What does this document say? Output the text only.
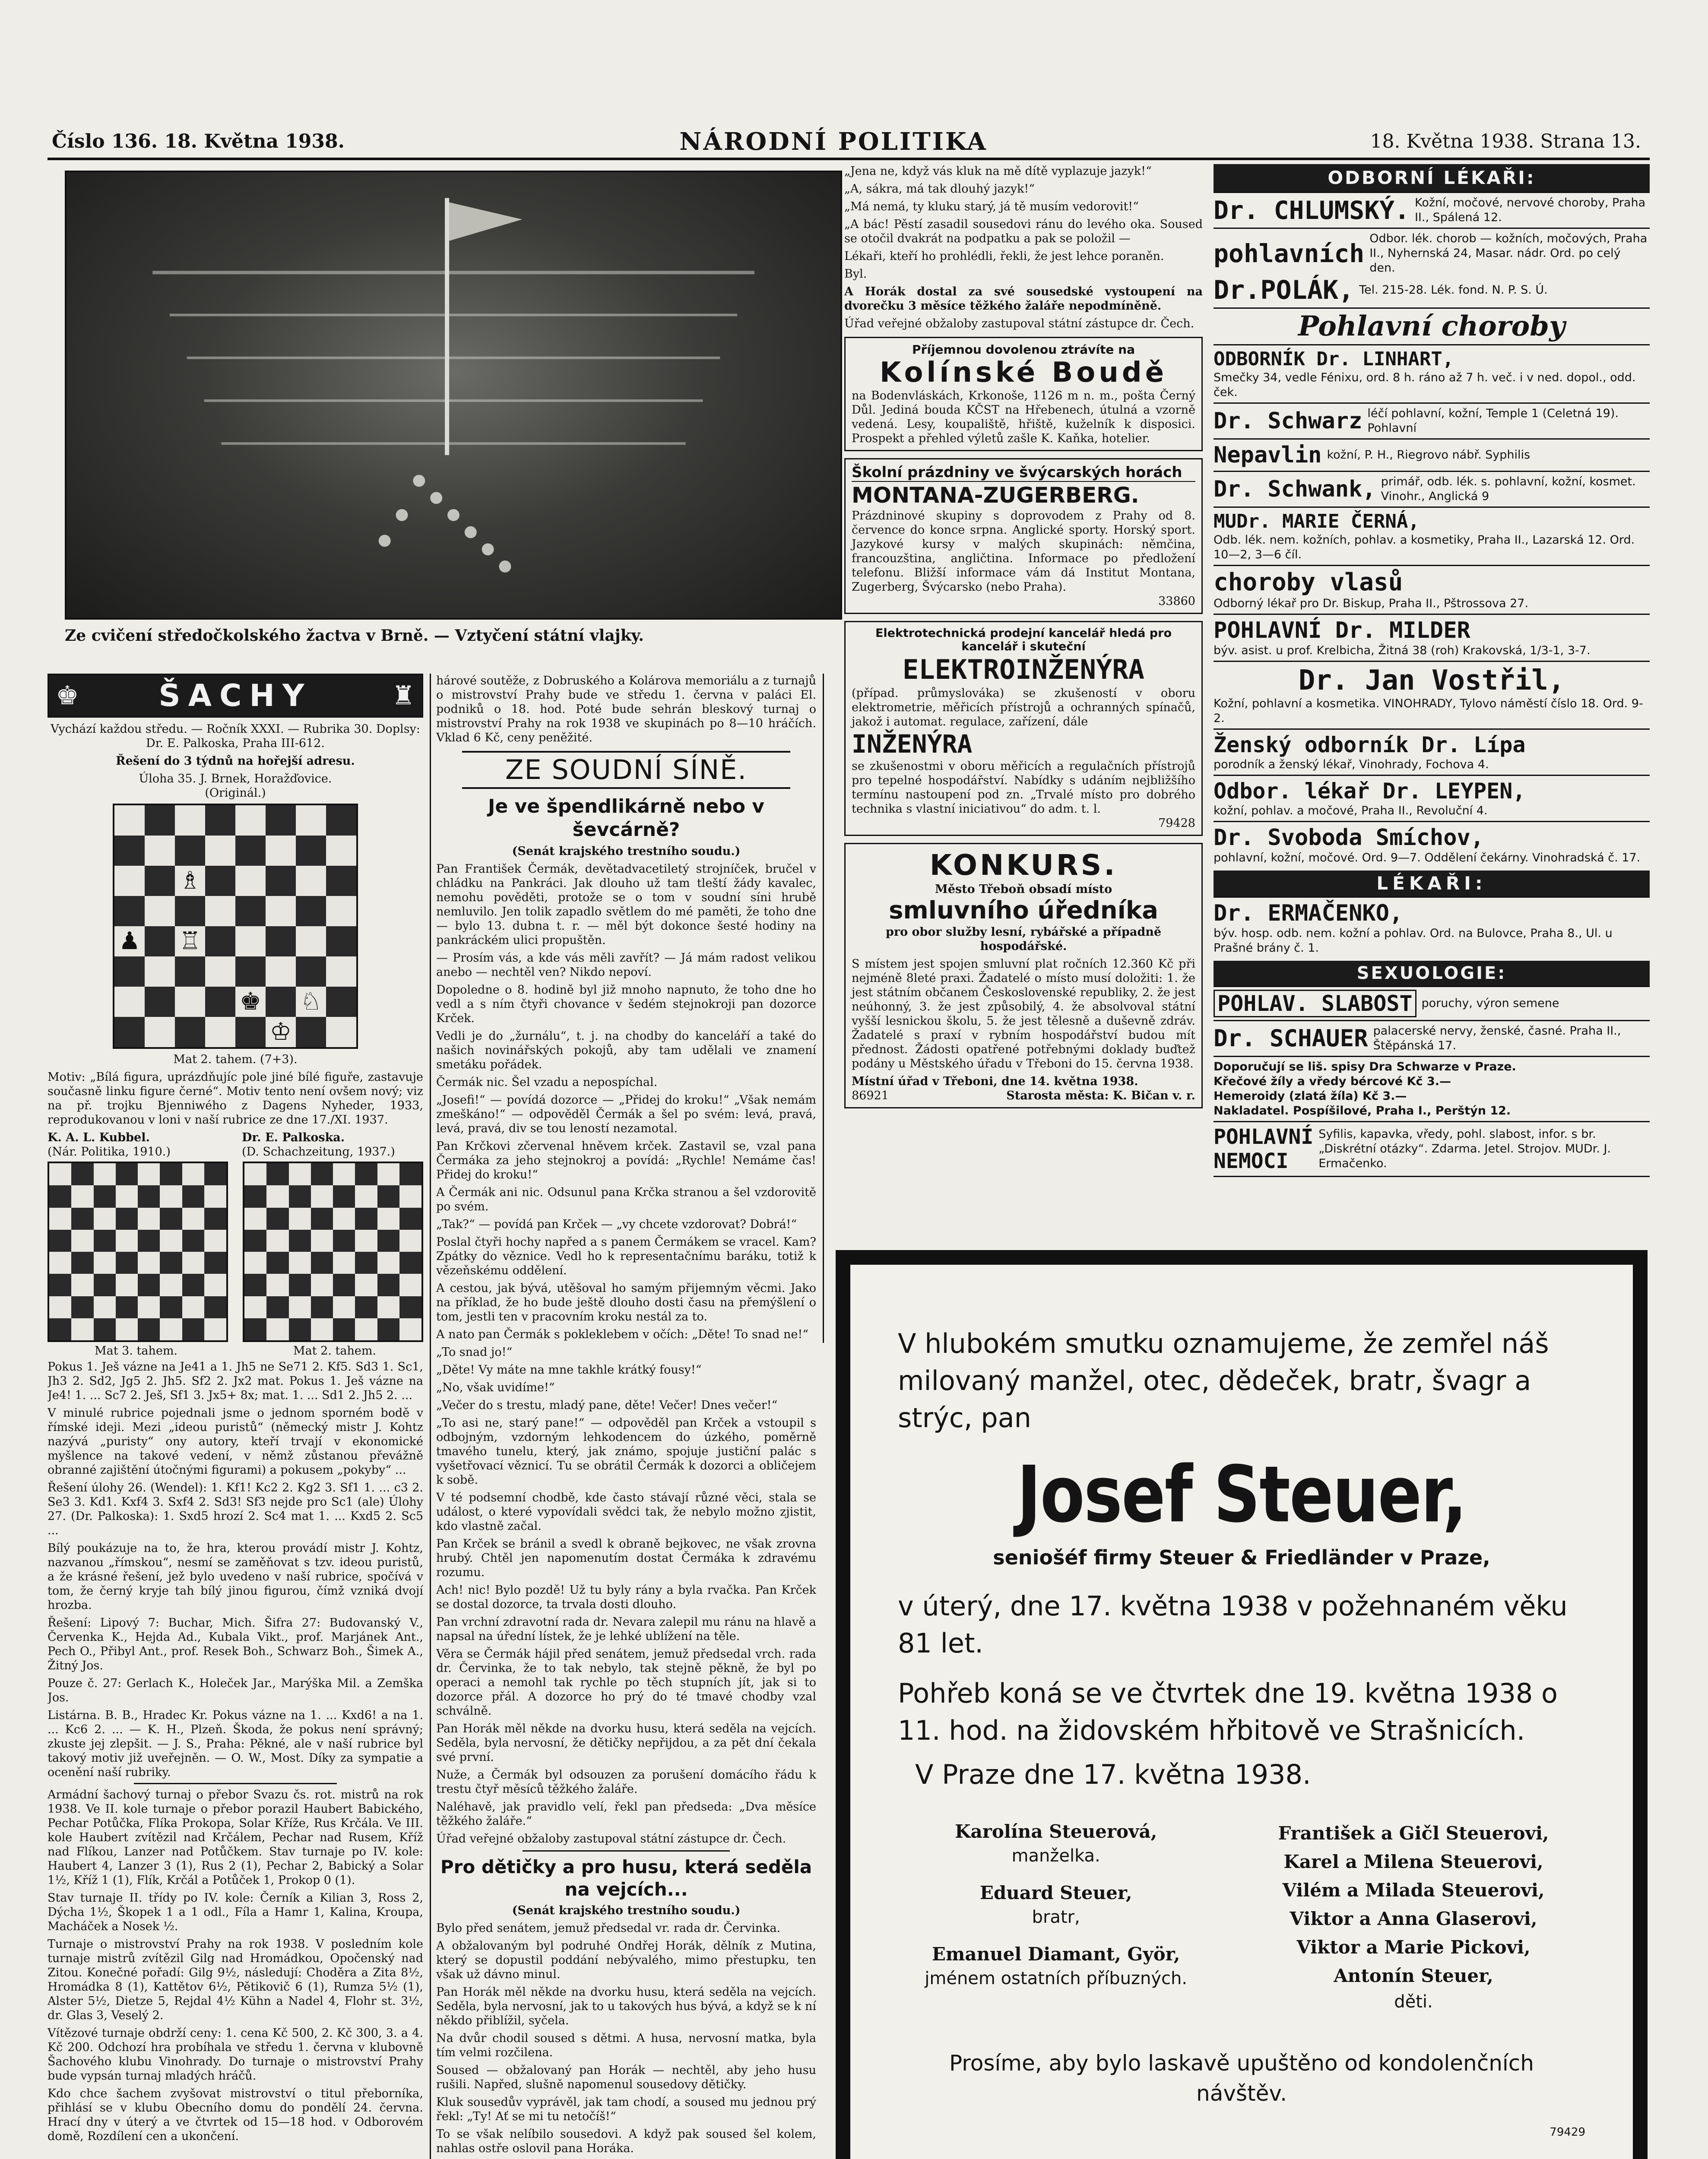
Číslo 136. 18. Května 1938.	NÁRODNÍ POLITIKA	18. Května 1938. Strana 13.
Ze cvičení středočkolského žactva v Brně. — Vztyčení státní vlajky.
♚	ŠACHY	♜

Vychází každou středu. — Ročník XXXI. — Rubrika 30. Doplsy: Dr. E. Palkoska, Praha III-612.

Řešení do 3 týdnů na hořejší adresu.

Úloha 35. J. Brnek, Horažďovice.

(Originál.)

♗
♟ ♖
♚ ♘
♔

Mat 2. tahem. (7+3).

Motiv: „Bílá figura, uprázdňujíc pole jiné bílé figuře, zastavuje současně linku figure černé“. Motiv tento není ovšem nový; viz na př. trojku Bjenniwého z Dagens Nyheder, 1933, reprodukovanou v loni v naší rubrice ze dne 17./XI. 1937.

K. A. L. Kubbel.
(Nár. Politika, 1910.)
Dr. E. Palkoska.
(D. Schachzeitung, 1937.)
Mat 3. tahem.	Mat 2. tahem.

Pokus 1. Ješ vázne na Je41 a 1. Jh5 ne Se71 2. Kf5. Sd3 1. Sc1, Jh3 2. Sd2, Jg5 2. Jh5. Sf2 2. Jx2 mat. Pokus 1. Ješ vázne na Je4! 1. ... Sc7 2. Ješ, Sf1 3. Jx5+ 8x; mat. 1. ... Sd1 2. Jh5 2. ...

V minulé rubrice pojednali jsme o jednom sporném bodě v římské ideji. Mezi „ideou puristů“ (německý mistr J. Kohtz nazývá „puristy“ ony autory, kteří trvají v ekonomické myšlence na takové vedení, v němž zůstanou převážně obranné zajištění útočnými figurami) a pokusem „pokyby“ ...

Řešení úlohy 26. (Wendel): 1. Kf1! Kc2 2. Kg2 3. Sf1 1. ... c3 2. Se3 3. Kd1. Kxf4 3. Sxf4 2. Sd3! Sf3 nejde pro Sc1 (ale) Úlohy 27. (Dr. Palkoska): 1. Sxd5 hrozí 2. Sc4 mat 1. ... Kxd5 2. Sc5 ...

Bílý poukázuje na to, že hra, kterou provádí mistr J. Kohtz, nazvanou „římskou“, nesmí se zaměňovat s tzv. ideou puristů, a že krásné řešení, jež bylo uvedeno v naší rubrice, spočívá v tom, že černý kryje tah bílý jinou figurou, čímž vzniká dvojí hrozba.

Řešení: Lipový 7: Buchar, Mich. Šifra 27: Budovanský V., Červenka K., Hejda Ad., Kubala Vikt., prof. Marjánek Ant., Pech O., Přibyl Ant., prof. Resek Boh., Schwarz Boh., Šimek A., Žitný Jos.

Pouze č. 27: Gerlach K., Holeček Jar., Marýška Mil. a Zemška Jos.

Listárna. B. B., Hradec Kr. Pokus vázne na 1. ... Kxd6! a na 1. ... Kc6 2. ... — K. H., Plzeň. Škoda, že pokus není správný; zkuste jej zlepšit. — J. S., Praha: Pěkné, ale v naší rubrice byl takový motiv již uveřejněn. — O. W., Most. Díky za sympatie a ocenění naší rubriky.

Armádní šachový turnaj o přebor Svazu čs. rot. mistrů na rok 1938. Ve II. kole turnaje o přebor porazil Haubert Babického, Pechar Potůčka, Flíka Prokopa, Solar Kříže, Rus Krčála. Ve III. kole Haubert zvítězil nad Krčálem, Pechar nad Rusem, Kříž nad Flíkou, Lanzer nad Potůčkem. Stav turnaje po IV. kole: Haubert 4, Lanzer 3 (1), Rus 2 (1), Pechar 2, Babický a Solar 1½, Kříž 1 (1), Flík, Krčál a Potůček 1, Prokop 0 (1).

Stav turnaje II. třídy po IV. kole: Černík a Kilian 3, Ross 2, Dýcha 1½, Škopek 1 a 1 odl., Fíla a Hamr 1, Kalina, Kroupa, Macháček a Nosek ½.

Turnaje o mistrovství Prahy na rok 1938. V posledním kole turnaje mistrů zvítězil Gilg nad Hromádkou, Opočenský nad Zitou. Konečné pořadí: Gilg 9½, následují: Choděra a Zita 8½, Hromádka 8 (1), Kattětov 6½, Pětikovič 6 (1), Rumza 5½ (1), Alster 5½, Dietze 5, Rejdal 4½ Kühn a Nadel 4, Flohr st. 3½, dr. Glas 3, Veselý 2.

Vítězové turnaje obdrží ceny: 1. cena Kč 500, 2. Kč 300, 3. a 4. Kč 200. Odchozí hra probíhala ve středu 1. června v klubovně Šachového klubu Vinohrady. Do turnaje o mistrovství Prahy bude vypsán turnaj mladých hráčů.

Kdo chce šachem zvyšovat mistrovství o titul přeborníka, přihlásí se v klubu Obecního domu do pondělí 24. června. Hrací dny v úterý a ve čtvrtek od 15—18 hod. v Odborovém domě, Rozdílení cen a ukončení.

hárové soutěže, z Dobruského a Kolárova memoriálu a z turnajů o mistrovství Prahy bude ve středu 1. června v paláci El. podniků o 18. hod. Poté bude sehrán bleskový turnaj o mistrovství Prahy na rok 1938 ve skupinách po 8—10 hráčích. Vklad 6 Kč, ceny peněžité.

ZE SOUDNÍ SÍNĚ.
Je ve špendlikárně nebo v ševcárně?

(Senát krajského trestního soudu.)

Pan František Čermák, devětadvacetiletý strojníček, bručel v chládku na Pankráci. Jak dlouho už tam tleští žády kavalec, nemohu pověděti, protože se o tom v soudní síni hrubě nemluvilo. Jen tolik zapadlo světlem do mé paměti, že toho dne — bylo 13. dubna t. r. — měl být dokonce šesté hodiny na pankráckém ulici propuštěn.

— Prosím vás, a kde vás měli zavřít? — Já mám radost velikou anebo — nechtěl ven? Nikdo nepoví.

Dopoledne o 8. hodině byl již mnoho napnuto, že toho dne ho vedl a s ním čtyři chovance v šedém stejnokroji pan dozorce Krček.

Vedli je do „žurnálu“, t. j. na chodby do kanceláří a také do našich novinářských pokojů, aby tam udělali ve znamení smetáku pořádek.

Čermák nic. Šel vzadu a nepospíchal.

„Josefi!“ — povídá dozorce — „Přidej do kroku!“ „Však nemám zmeškáno!“ — odpověděl Čermák a šel po svém: levá, pravá, levá, pravá, div se tou leností nezamotal.

Pan Krčkovi zčervenal hněvem krček. Zastavil se, vzal pana Čermáka za jeho stejnokroj a povídá: „Rychle! Nemáme čas! Přidej do kroku!“

A Čermák ani nic. Odsunul pana Krčka stranou a šel vzdorovitě po svém.

„Tak?“ — povídá pan Krček — „vy chcete vzdorovat? Dobrá!“

Poslal čtyři hochy napřed a s panem Čermákem se vracel. Kam? Zpátky do věznice. Vedl ho k representačnímu baráku, totiž k vězeňskému oddělení.

A cestou, jak bývá, utěšoval ho samým přijemným věcmi. Jako na příklad, že ho bude ještě dlouho dosti času na přemýšlení o tom, jestli ten v pracovním kroku nestál za to.

A nato pan Čermák s pokleklebem v očích: „Děte! To snad ne!“

„To snad jo!“

„Děte! Vy máte na mne takhle krátký fousy!“

„No, však uvidíme!“

„Večer do s trestu, mladý pane, děte! Večer! Dnes večer!“

„To asi ne, starý pane!“ — odpověděl pan Krček a vstoupil s odbojným, vzdorným lehkodencem do úzkého, poměrně tmavého tunelu, který, jak známo, spojuje justiční palác s vyšetřovací věznicí. Tu se obrátil Čermák k dozorci a obličejem k sobě.

V té podsemní chodbě, kde často stávají různé věci, stala se událost, o které vypovídali svědci tak, že nebylo možno zjistit, kdo vlastně začal.

Pan Krček se bránil a svedl k obraně bejkovec, ne však zrovna hrubý. Chtěl jen napomenutím dostat Čermáka k zdravému rozumu.

Ach! nic! Bylo pozdě! Už tu byly rány a byla rvačka. Pan Krček se dostal dozorce, ta trvala dosti dlouho.

Pan vrchní zdravotní rada dr. Nevara zalepil mu ránu na hlavě a napsal na úřední lístek, že je lehké ublížení na těle.

Věra se Čermák hájil před senátem, jemuž předsedal vrch. rada dr. Červinka, že to tak nebylo, tak stejně pěkně, že byl po operaci a nemohl tak rychle po těch stupních jít, jak si to dozorce přál. A dozorce ho prý do té tmavé chodby vzal schválně.

Pan Horák měl někde na dvorku husu, která seděla na vejcích. Seděla, byla nervosní, že dětičky nepřijdou, a za pět dní čekala své první.

Nuže, a Čermák byl odsouzen za porušení domácího řádu k trestu čtyř měsíců těžkého žaláře.

Naléhavě, jak pravidlo velí, řekl pan předseda: „Dva měsíce těžkého žaláře.“

Úřad veřejné obžaloby zastupoval státní zástupce dr. Čech.

Pro dětičky a pro husu, která seděla na vejcích...

(Senát krajského trestního soudu.)

Bylo před senátem, jemuž předsedal vr. rada dr. Červinka.

A obžalovaným byl podruhé Ondřej Horák, dělník z Mutina, který se dopustil poddání nebývalého, mimo přestupku, ten však už dávno minul.

Pan Horák měl někde na dvorku husu, která seděla na vejcích. Seděla, byla nervosní, jak to u takových hus bývá, a když se k ní někdo přiblížil, syčela.

Na dvůr chodil soused s dětmi. A husa, nervosní matka, byla tím velmi rozčilena.

Soused — obžalovaný pan Horák — nechtěl, aby jeho husu rušili. Napřed, slušně napomenul sousedovy dětičky.

Kluk sousedův vyprávěl, jak tam chodí, a soused mu jednou prý řekl: „Ty! Ať se mi tu netočíš!“

To se však nelíbilo sousedovi. A když pak soused šel kolem, nahlas ostře oslovil pana Horáka.

„Jena ne, když vás kluk na mě dítě vyplazuje jazyk!“

„A, sákra, má tak dlouhý jazyk!“

„Má nemá, ty kluku starý, já tě musím vedorovit!“

„A bác! Pěstí zasadil sousedovi ránu do levého oka. Soused se otočil dvakrát na podpatku a pak se položil —

Lékaři, kteří ho prohlédli, řekli, že jest lehce poraněn.

Byl.

A Horák dostal za své sousedské vystoupení na dvorečku 3 měsíce těžkého žaláře nepodmíněně.

Úřad veřejné obžaloby zastupoval státní zástupce dr. Čech.

Příjemnou dovolenou ztrávíte na
Kolínské Boudě

na Bodenvláskách, Krkonoše, 1126 m n. m., pošta Černý Důl. Jediná bouda KČST na Hřebenech, útulná a vzorně vedená. Lesy, koupaliště, hřiště, kuželník k disposici. Prospekt a přehled výletů zašle K. Kaňka, hotelier.

Školní prázdniny ve švýcarských horách
MONTANA-ZUGERBERG.

Prázdninové skupiny s doprovodem z Prahy od 8. července do konce srpna. Anglické sporty. Horský sport. Jazykové kursy v malých skupinách: němčina, francouzština, angličtina. Informace po předložení telefonu. Bližší informace vám dá Institut Montana, Zugerberg, Švýcarsko (nebo Praha).

33860
Elektrotechnická prodejní kancelář hledá pro kancelář i skuteční
ELEKTROINŽENÝRA

(případ. průmyslováka) se zkušeností v oboru elektrometrie, měřicích přístrojů a ochranných spínačů, jakož i automat. regulace, zařízení, dále

INŽENÝRA

se zkušenostmi v oboru měřicích a regulačních přístrojů pro tepelné hospodářství. Nabídky s udáním nejbližšího termínu nastoupení pod zn. „Trvalé místo pro dobrého technika s vlastní iniciativou“ do adm. t. l.

79428
KONKURS.
Město Třeboň obsadí místo
smluvního úředníka
pro obor služby lesní, rybářské a případně hospodářské.

S místem jest spojen smluvní plat ročních 12.360 Kč při nejméně 8leté praxi. Žadatelé o místo musí doložiti: 1. že jest státním občanem Československé republiky, 2. že jest neúhonný, 3. že jest způsobilý, 4. že absolvoval státní vyšší lesnickou školu, 5. že jest tělesně a duševně zdráv. Žadatelé s praxí v rybním hospodářství budou mít přednost. Žádosti opatřené potřebnými doklady buďtež podány u Městského úřadu v Třeboni do 15. června 1938.

Místní úřad v Třeboni, dne 14. května 1938.
86921	Starosta města: K. Bičan v. r.
ODBORNÍ LÉKAŘI:
Dr. CHLUMSKÝ. Kožní, močové, nervové choroby, Praha II., Spálená 12.
pohlavních
Odbor. lék. chorob — kožních, močových, Praha II., Nyhernská 24, Masar. nádr. Ord. po celý den.
Dr.POLÁK, Tel. 215-28. Lék. fond. N. P. S. Ú.
Pohlavní choroby
ODBORNÍK Dr. LINHART,
Smečky 34, vedle Fénixu, ord. 8 h. ráno až 7 h. več. i v ned. dopol., odd. ček.
Dr. Schwarz léčí pohlavní, kožní, Temple 1 (Celetná 19). Pohlavní
Nepavlin kožní, P. H., Riegrovo nábř. Syphilis
Dr. Schwank, primář, odb. lék. s. pohlavní, kožní, kosmet. Vinohr., Anglická 9
MUDr. MARIE ČERNÁ,
Odb. lék. nem. kožních, pohlav. a kosmetiky, Praha II., Lazarská 12. Ord. 10—2, 3—6 číl.
choroby vlasů
Odborný lékař pro Dr. Biskup, Praha II., Pštrossova 27.
POHLAVNÍ Dr. MILDER
býv. asist. u prof. Krelbicha, Žitná 38 (roh) Krakovská, 1/3-1, 3-7.
Dr. Jan Vostřil,
Kožní, pohlavní a kosmetika. VINOHRADY, Tylovo náměstí číslo 18. Ord. 9-2.
Ženský odborník Dr. Lípa
porodník a ženský lékař, Vinohrady, Fochova 4.
Odbor. lékař Dr. LEYPEN,
kožní, pohlav. a močové, Praha II., Revoluční 4.
Dr. Svoboda Smíchov,
pohlavní, kožní, močové. Ord. 9—7. Oddělení čekárny. Vinohradská č. 17.
LÉKAŘI:
Dr. ERMAČENKO,
býv. hosp. odb. nem. kožní a pohlav. Ord. na Bulovce, Praha 8., Ul. u Prašné brány č. 1.
SEXUOLOGIE:
POHLAV. SLABOST poruchy, výron semene
Dr. SCHAUER palacerské nervy, ženské, časné. Praha II., Štěpánská 17.
Doporučují se liš. spisy Dra Schwarze v Praze.
Křečové žíly a vředy bércové Kč 3.—
Hemeroidy (zlatá žíla) Kč 3.—
Nakladatel. Pospíšilové, Praha I., Perštýn 12.
POHLAVNÍ NEMOCI
Syfilis, kapavka, vředy, pohl. slabost, infor. s br. „Diskrétní otázky“. Zdarma. Jetel. Strojov. MUDr. J. Ermačenko.
V hlubokém smutku oznamujeme, že zemřel náš milovaný manžel, otec, dědeček, bratr, švagr a strýc, pan
Josef Steuer,
seniošéf firmy Steuer & Friedländer v Praze,
v úterý, dne 17. května 1938 v požehnaném věku 81 let.
Pohřeb koná se ve čtvrtek dne 19. května 1938 o 11. hod. na židovském hřbitově ve Strašnicích.
V Praze dne 17. května 1938.
Karolína Steuerová,
manželka.
Eduard Steuer,
bratr,
Emanuel Diamant, Györ,
jménem ostatních příbuzných.
František a Gičl Steuerovi,
Karel a Milena Steuerovi,
Vilém a Milada Steuerovi,
Viktor a Anna Glaserovi,
Viktor a Marie Pickovi,
Antonín Steuer,
děti.
Prosíme, aby bylo laskavě upuštěno od kondolenčních návštěv.
79429
